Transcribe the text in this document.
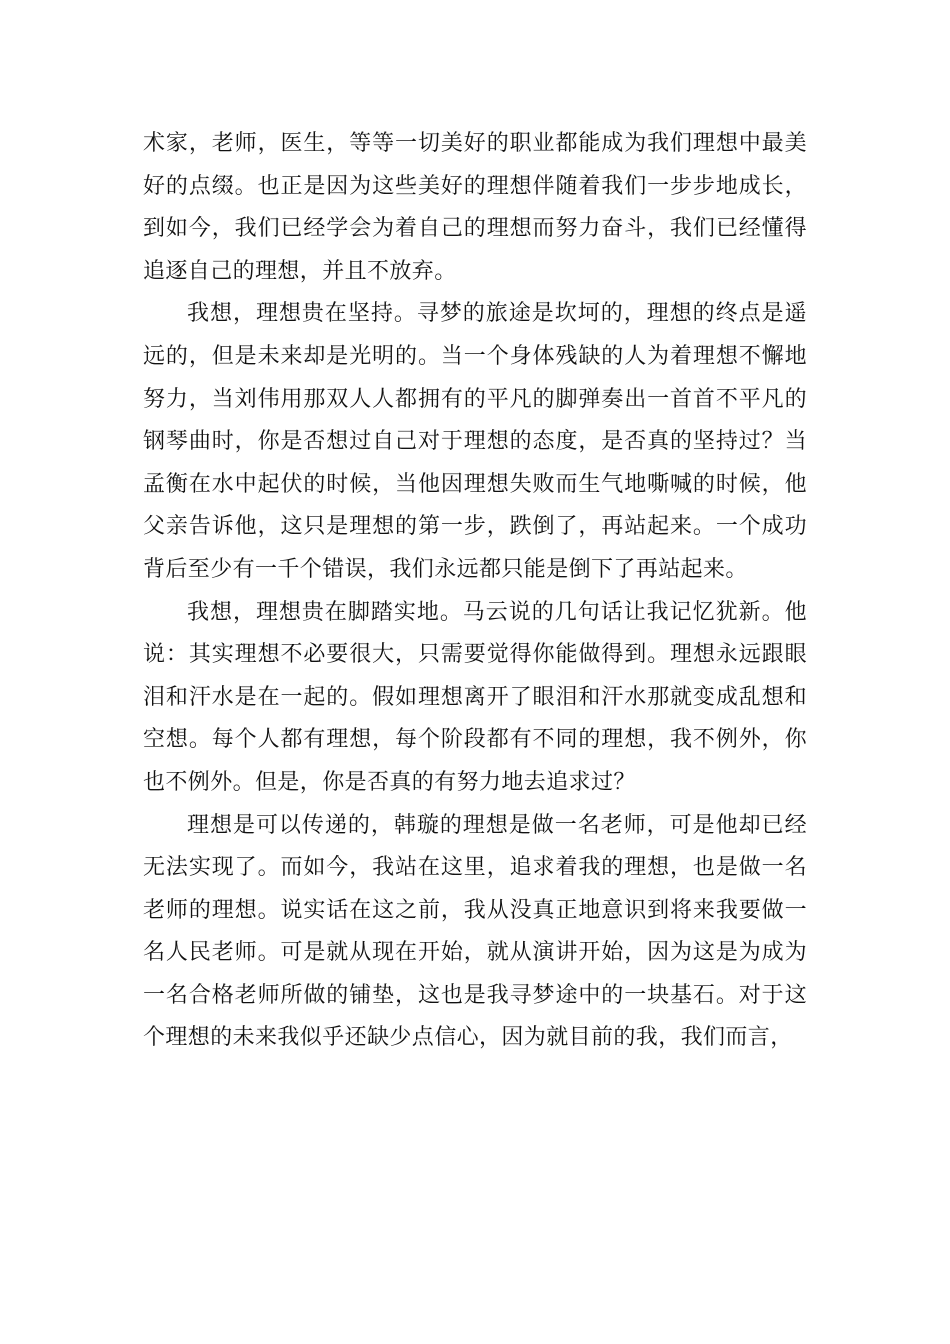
术家，老师，医生，等等一切美好的职业都能成为我们理想中最美好的点缀。也正是因为这些美好的理想伴随着我们一步步地成长，到如今，我们已经学会为着自己的理想而努力奋斗，我们已经懂得追逐自己的理想，并且不放弃。

我想，理想贵在坚持。寻梦的旅途是坎坷的，理想的终点是遥远的，但是未来却是光明的。当一个身体残缺的人为着理想不懈地努力，当刘伟用那双人人都拥有的平凡的脚弹奏出一首首不平凡的钢琴曲时，你是否想过自己对于理想的态度，是否真的坚持过？当孟衡在水中起伏的时候，当他因理想失败而生气地嘶喊的时候，他父亲告诉他，这只是理想的第一步，跌倒了，再站起来。一个成功背后至少有一千个错误，我们永远都只能是倒下了再站起来。

我想，理想贵在脚踏实地。马云说的几句话让我记忆犹新。他说：其实理想不必要很大，只需要觉得你能做得到。理想永远跟眼泪和汗水是在一起的。假如理想离开了眼泪和汗水那就变成乱想和空想。每个人都有理想，每个阶段都有不同的理想，我不例外，你也不例外。但是，你是否真的有努力地去追求过？

理想是可以传递的，韩璇的理想是做一名老师，可是他却已经无法实现了。而如今，我站在这里，追求着我的理想，也是做一名老师的理想。说实话在这之前，我从没真正地意识到将来我要做一名人民老师。可是就从现在开始，就从演讲开始，因为这是为成为一名合格老师所做的铺垫，这也是我寻梦途中的一块基石。对于这个理想的未来我似乎还缺少点信心，因为就目前的我，我们而言，
